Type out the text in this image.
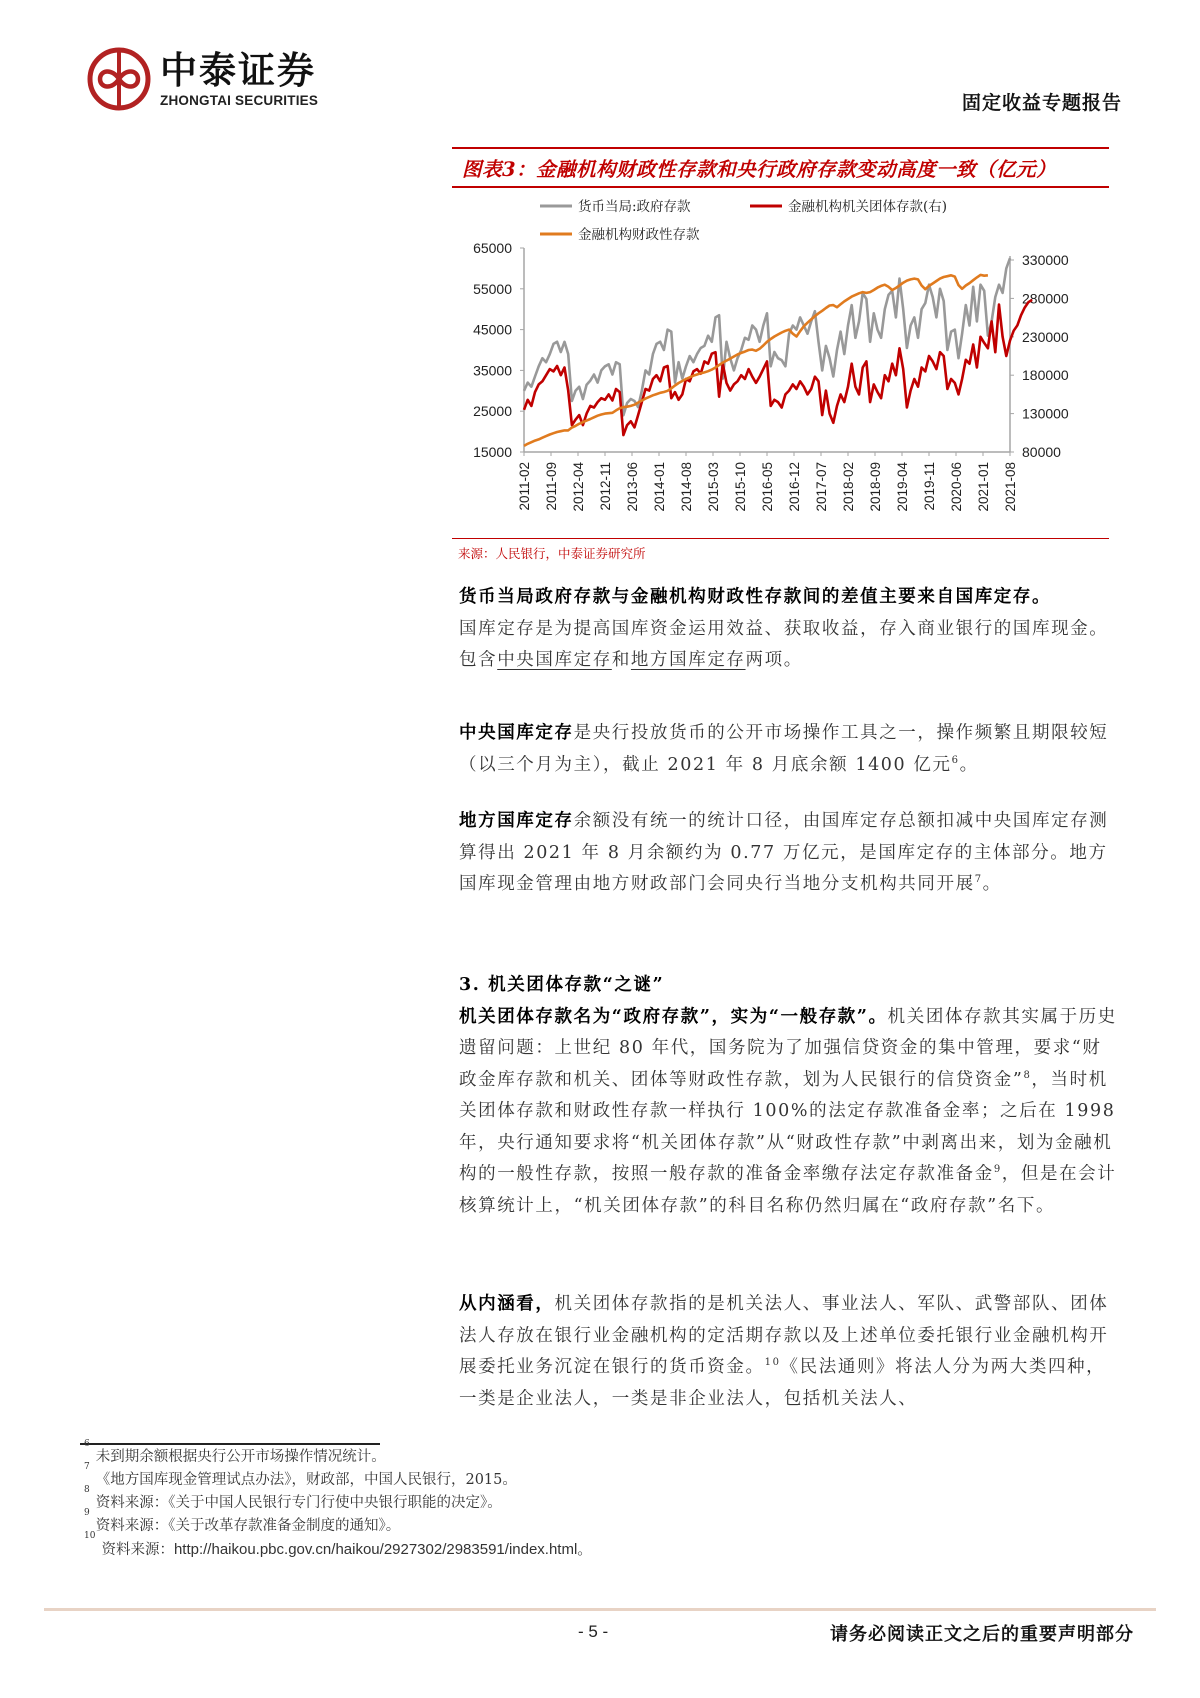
中泰证券
ZHONGTAI SECURITIES	固定收益专题报告
图表3：金融机构财政性存款和央行政府存款变动高度一致（亿元）
15000
25000
35000
45000
55000
65000
80000
130000
180000
230000
280000
330000
2011-02 2011-09 2012-04 2012-11 2013-06 2014-01 2014-08 2015-03 2015-10 2016-05 2016-12 2017-07 2018-02 2018-09 2019-04 2019-11 2020-06 2021-01 2021-08
货币当局:政府存款	金融机构机关团体存款(右)
金融机构财政性存款
来源：人民银行，中泰证券研究所

货币当局政府存款与金融机构财政性存款间的差值主要来自国库定存。
国库定存是为提高国库资金运用效益、获取收益，存入商业银行的国库现金。包含中央国库定存和地方国库定存两项。

中央国库定存是央行投放货币的公开市场操作工具之一，操作频繁且期限较短（以三个月为主），截止 2021 年 8 月底余额 1400 亿元$^6$。

地方国库定存余额没有统一的统计口径，由国库定存总额扣减中央国库定存测算得出 2021 年 8 月余额约为 0.77 万亿元，是国库定存的主体部分。地方国库现金管理由地方财政部门会同央行当地分支机构共同开展$^7$。

3. 机关团体存款“之谜”

机关团体存款名为“政府存款”，实为“一般存款”。机关团体存款其实属于历史遗留问题：上世纪 80 年代，国务院为了加强信贷资金的集中管理，要求“财政金库存款和机关、团体等财政性存款，划为人民银行的信贷资金”$^8$，当时机关团体存款和财政性存款一样执行 100%的法定存款准备金率；之后在 1998 年，央行通知要求将“机关团体存款”从“财政性存款”中剥离出来，划为金融机构的一般性存款，按照一般存款的准备金率缴存法定存款准备金$^9$，但是在会计核算统计上，“机关团体存款”的科目名称仍然归属在“政府存款”名下。

从内涵看，机关团体存款指的是机关法人、事业法人、军队、武警部队、团体法人存放在银行业金融机构的定活期存款以及上述单位委托银行业金融机构开展委托业务沉淀在银行的货币资金。$^{10}$《民法通则》将法人分为两大类四种，一类是企业法人，一类是非企业法人，包括机关法人、

$^6$未到期余额根据央行公开市场操作情况统计。
$^7$《地方国库现金管理试点办法》，财政部，中国人民银行，2015。
$^8$资料来源：《关于中国人民银行专门行使中央银行职能的决定》。
$^9$资料来源：《关于改革存款准备金制度的通知》。
$^{10}$资料来源：http://haikou.pbc.gov.cn/haikou/2927302/2983591/index.html。
- 5 -	请务必阅读正文之后的重要声明部分
